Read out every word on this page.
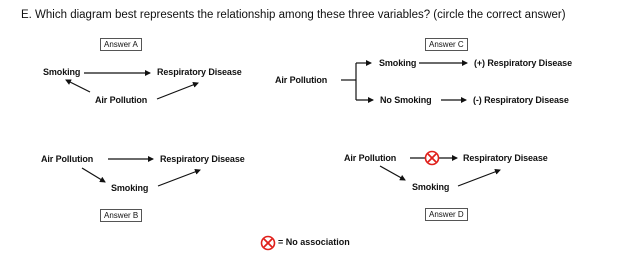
E. Which diagram best represents the relationship among these three variables? (circle the correct answer)
Answer A
Smoking	Respiratory Disease
Air Pollution
Air Pollution	Respiratory Disease
Smoking
Answer B
Answer C
Air Pollution
Smoking	(+) Respiratory Disease
No Smoking	(-) Respiratory Disease
Air Pollution	Respiratory Disease
Smoking
Answer D
= No association
